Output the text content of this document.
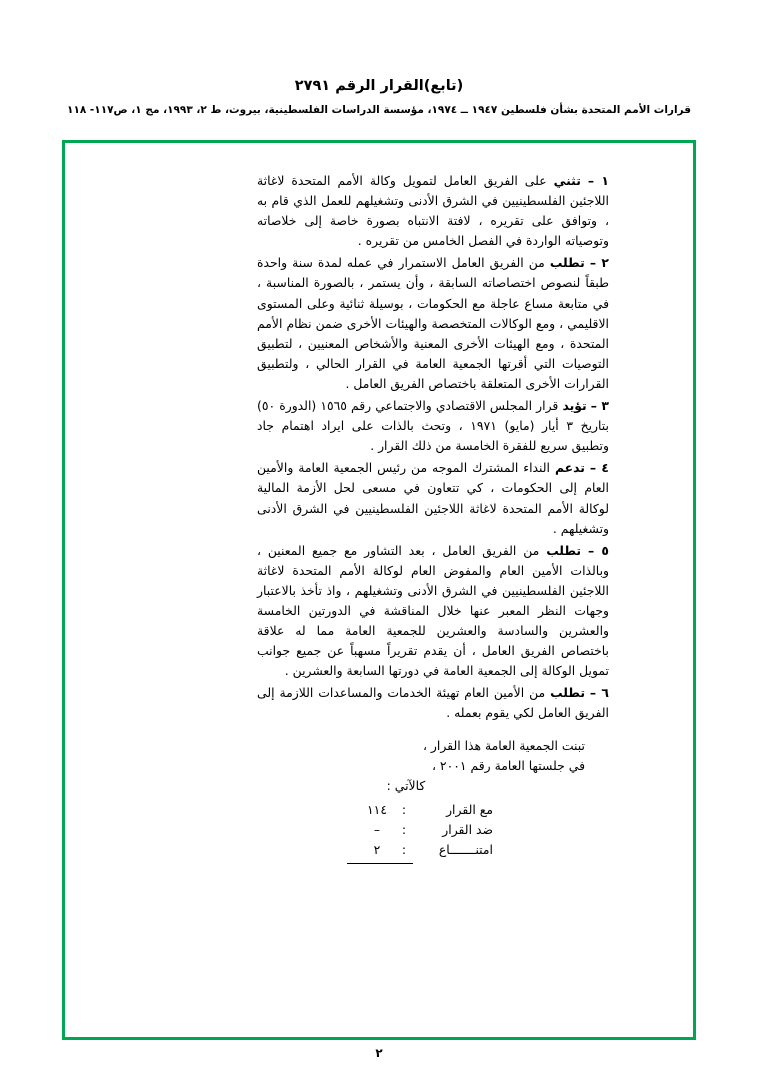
(تابع)القرار الرقم ٢٧٩١
قرارات الأمم المتحدة بشأن فلسطين ١٩٤٧ ــ ١٩٧٤، مؤسسة الدراسات الفلسطينية، بيروت، ط ٢، ١٩٩٣، مج ١، ص١١٧- ١١٨

١ – تثني على الفريق العامل لتمويل وكالة الأمم المتحدة لاغاثة اللاجئين الفلسطينيين في الشرق الأدنى وتشغيلهم للعمل الذي قام به ، وتوافق على تقريره ، لافتة الانتباه بصورة خاصة إلى خلاصاته وتوصياته الواردة في الفصل الخامس من تقريره .

٢ – تطلب من الفريق العامل الاستمرار في عمله لمدة سنة واحدة طبقاً لنصوص اختصاصاته السابقة ، وأن يستمر ، بالصورة المناسبة ، في متابعة مساع عاجلة مع الحكومات ، بوسيلة ثنائية وعلى المستوى الاقليمي ، ومع الوكالات المتخصصة والهيئات الأخرى ضمن نظام الأمم المتحدة ، ومع الهيئات الأخرى المعنية والأشخاص المعنيين ، لتطبيق التوصيات التي أقرتها الجمعية العامة في القرار الحالي ، ولتطبيق القرارات الأخرى المتعلقة باختصاص الفريق العامل .

٣ – تؤيد قرار المجلس الاقتصادي والاجتماعي رقم ١٥٦٥ (الدورة ٥٠) بتاريخ ٣ أيار (مايو) ١٩٧١ ، وتحث بالذات على ايراد اهتمام جاد وتطبيق سريع للفقرة الخامسة من ذلك القرار .

٤ – تدعم النداء المشترك الموجه من رئيس الجمعية العامة والأمين العام إلى الحكومات ، كي تتعاون في مسعى لحل الأزمة المالية لوكالة الأمم المتحدة لاغاثة اللاجئين الفلسطينيين في الشرق الأدنى وتشغيلهم .

٥ – تطلب من الفريق العامل ، بعد التشاور مع جميع المعنين ، وبالذات الأمين العام والمفوض العام لوكالة الأمم المتحدة لاغاثة اللاجئين الفلسطينيين في الشرق الأدنى وتشغيلهم ، واذ تأخذ بالاعتبار وجهات النظر المعبر عنها خلال المناقشة في الدورتين الخامسة والعشرين والسادسة والعشرين للجمعية العامة مما له علاقة باختصاص الفريق العامل ، أن يقدم تقريراً مسهباً عن جميع جوانب تمويل الوكالة إلى الجمعية العامة في دورتها السابعة والعشرين .

٦ – تطلب من الأمين العام تهيئة الخدمات والمساعدات اللازمة إلى الفريق العامل لكي يقوم بعمله .

تبنت الجمعية العامة هذا القرار ،
في جلستها العامة رقم ٢٠٠١ ،
كالآتي :
مع القرار
:
١١٤
ضد القرار
:
–
امتنـــــــاع
:
٢
٢
